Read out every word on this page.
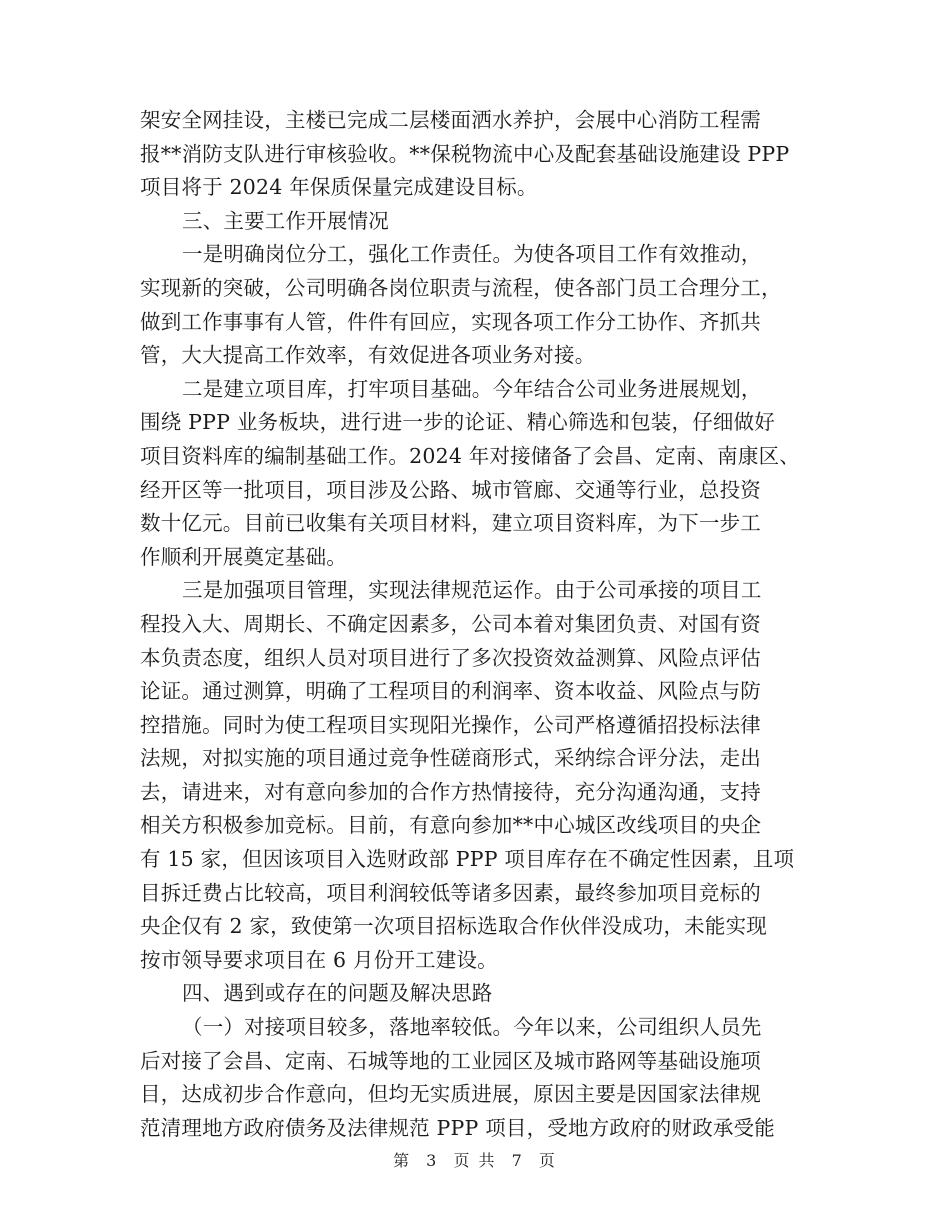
架安全网挂设，主楼已完成二层楼面洒水养护，会展中心消防工程需
报**消防支队进行审核验收。**保税物流中心及配套基础设施建设 PPP
项目将于 2024 年保质保量完成建设目标。
三、主要工作开展情况
一是明确岗位分工，强化工作责任。为使各项目工作有效推动，
实现新的突破，公司明确各岗位职责与流程，使各部门员工合理分工，
做到工作事事有人管，件件有回应，实现各项工作分工协作、齐抓共
管，大大提高工作效率，有效促进各项业务对接。
二是建立项目库，打牢项目基础。今年结合公司业务进展规划，
围绕 PPP 业务板块，进行进一步的论证、精心筛选和包装，仔细做好
项目资料库的编制基础工作。2024 年对接储备了会昌、定南、南康区、
经开区等一批项目，项目涉及公路、城市管廊、交通等行业，总投资
数十亿元。目前已收集有关项目材料，建立项目资料库，为下一步工
作顺利开展奠定基础。
三是加强项目管理，实现法律规范运作。由于公司承接的项目工
程投入大、周期长、不确定因素多，公司本着对集团负责、对国有资
本负责态度，组织人员对项目进行了多次投资效益测算、风险点评估
论证。通过测算，明确了工程项目的利润率、资本收益、风险点与防
控措施。同时为使工程项目实现阳光操作，公司严格遵循招投标法律
法规，对拟实施的项目通过竞争性磋商形式，采纳综合评分法，走出
去，请进来，对有意向参加的合作方热情接待，充分沟通沟通，支持
相关方积极参加竞标。目前，有意向参加**中心城区改线项目的央企
有 15 家，但因该项目入选财政部 PPP 项目库存在不确定性因素，且项
目拆迁费占比较高，项目利润较低等诸多因素，最终参加项目竞标的
央企仅有 2 家，致使第一次项目招标选取合作伙伴没成功，未能实现
按市领导要求项目在 6 月份开工建设。
四、遇到或存在的问题及解决思路
（一）对接项目较多，落地率较低。今年以来，公司组织人员先
后对接了会昌、定南、石城等地的工业园区及城市路网等基础设施项
目，达成初步合作意向，但均无实质进展，原因主要是因国家法律规
范清理地方政府债务及法律规范 PPP 项目，受地方政府的财政承受能
第 3 页 共 7 页
